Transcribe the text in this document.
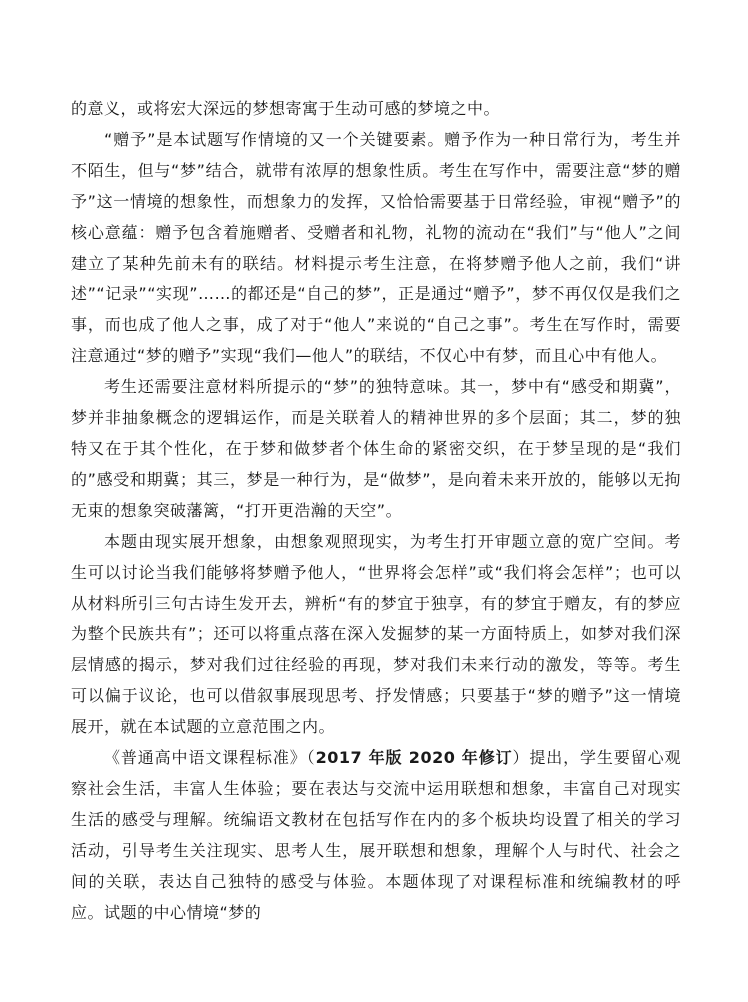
的意义，或将宏大深远的梦想寄寓于生动可感的梦境之中。

“赠予”是本试题写作情境的又一个关键要素。赠予作为一种日常行为，考生并不陌生，但与“梦”结合，就带有浓厚的想象性质。考生在写作中，需要注意“梦的赠予”这一情境的想象性，而想象力的发挥，又恰恰需要基于日常经验，审视“赠予”的核心意蕴：赠予包含着施赠者、受赠者和礼物，礼物的流动在“我们”与“他人”之间建立了某种先前未有的联结。材料提示考生注意，在将梦赠予他人之前，我们“讲述”“记录”“实现”……的都还是“自己的梦”，正是通过“赠予”，梦不再仅仅是我们之事，而也成了他人之事，成了对于“他人”来说的“自己之事”。考生在写作时，需要注意通过“梦的赠予”实现“我们—他人”的联结，不仅心中有梦，而且心中有他人。

考生还需要注意材料所提示的“梦”的独特意味。其一，梦中有“感受和期冀”，梦并非抽象概念的逻辑运作，而是关联着人的精神世界的多个层面；其二，梦的独特又在于其个性化，在于梦和做梦者个体生命的紧密交织，在于梦呈现的是“我们的”感受和期冀；其三，梦是一种行为，是“做梦”，是向着未来开放的，能够以无拘无束的想象突破藩篱，“打开更浩瀚的天空”。

本题由现实展开想象，由想象观照现实，为考生打开审题立意的宽广空间。考生可以讨论当我们能够将梦赠予他人，“世界将会怎样”或“我们将会怎样”；也可以从材料所引三句古诗生发开去，辨析“有的梦宜于独享，有的梦宜于赠友，有的梦应为整个民族共有”；还可以将重点落在深入发掘梦的某一方面特质上，如梦对我们深层情感的揭示，梦对我们过往经验的再现，梦对我们未来行动的激发，等等。考生可以偏于议论，也可以借叙事展现思考、抒发情感；只要基于“梦的赠予”这一情境展开，就在本试题的立意范围之内。

《普通高中语文课程标准》（2017 年版 2020 年修订）提出，学生要留心观察社会生活，丰富人生体验；要在表达与交流中运用联想和想象，丰富自己对现实生活的感受与理解。统编语文教材在包括写作在内的多个板块均设置了相关的学习活动，引导考生关注现实、思考人生，展开联想和想象，理解个人与时代、社会之间的关联，表达自己独特的感受与体验。本题体现了对课程标准和统编教材的呼应。试题的中心情境“梦的
